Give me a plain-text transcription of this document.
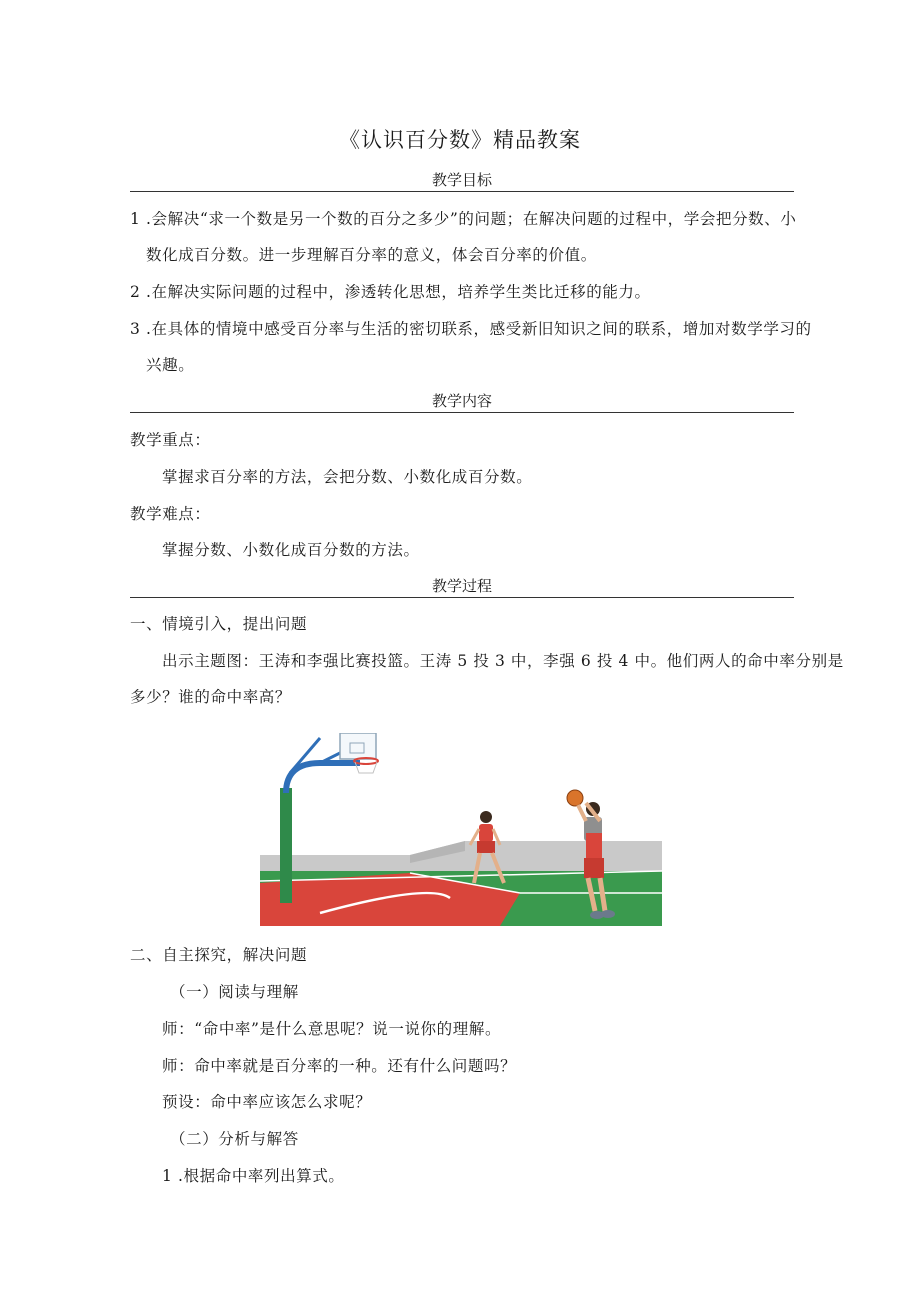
《认识百分数》精品教案
教学目标
1 .会解决“求一个数是另一个数的百分之多少”的问题；在解决问题的过程中，学会把分数、小
数化成百分数。进一步理解百分率的意义，体会百分率的价值。
2 .在解决实际问题的过程中，渗透转化思想，培养学生类比迁移的能力。
3 .在具体的情境中感受百分率与生活的密切联系，感受新旧知识之间的联系，增加对数学学习的
兴趣。
教学内容
教学重点：
掌握求百分率的方法，会把分数、小数化成百分数。
教学难点：
掌握分数、小数化成百分数的方法。
教学过程
一、情境引入，提出问题
出示主题图：王涛和李强比赛投篮。王涛 5 投 3 中，李强 6 投 4 中。他们两人的命中率分别是
多少？谁的命中率高？
二、自主探究，解决问题
（一）阅读与理解
师：“命中率”是什么意思呢？说一说你的理解。
师：命中率就是百分率的一种。还有什么问题吗？
预设：命中率应该怎么求呢？
（二）分析与解答
1 .根据命中率列出算式。
